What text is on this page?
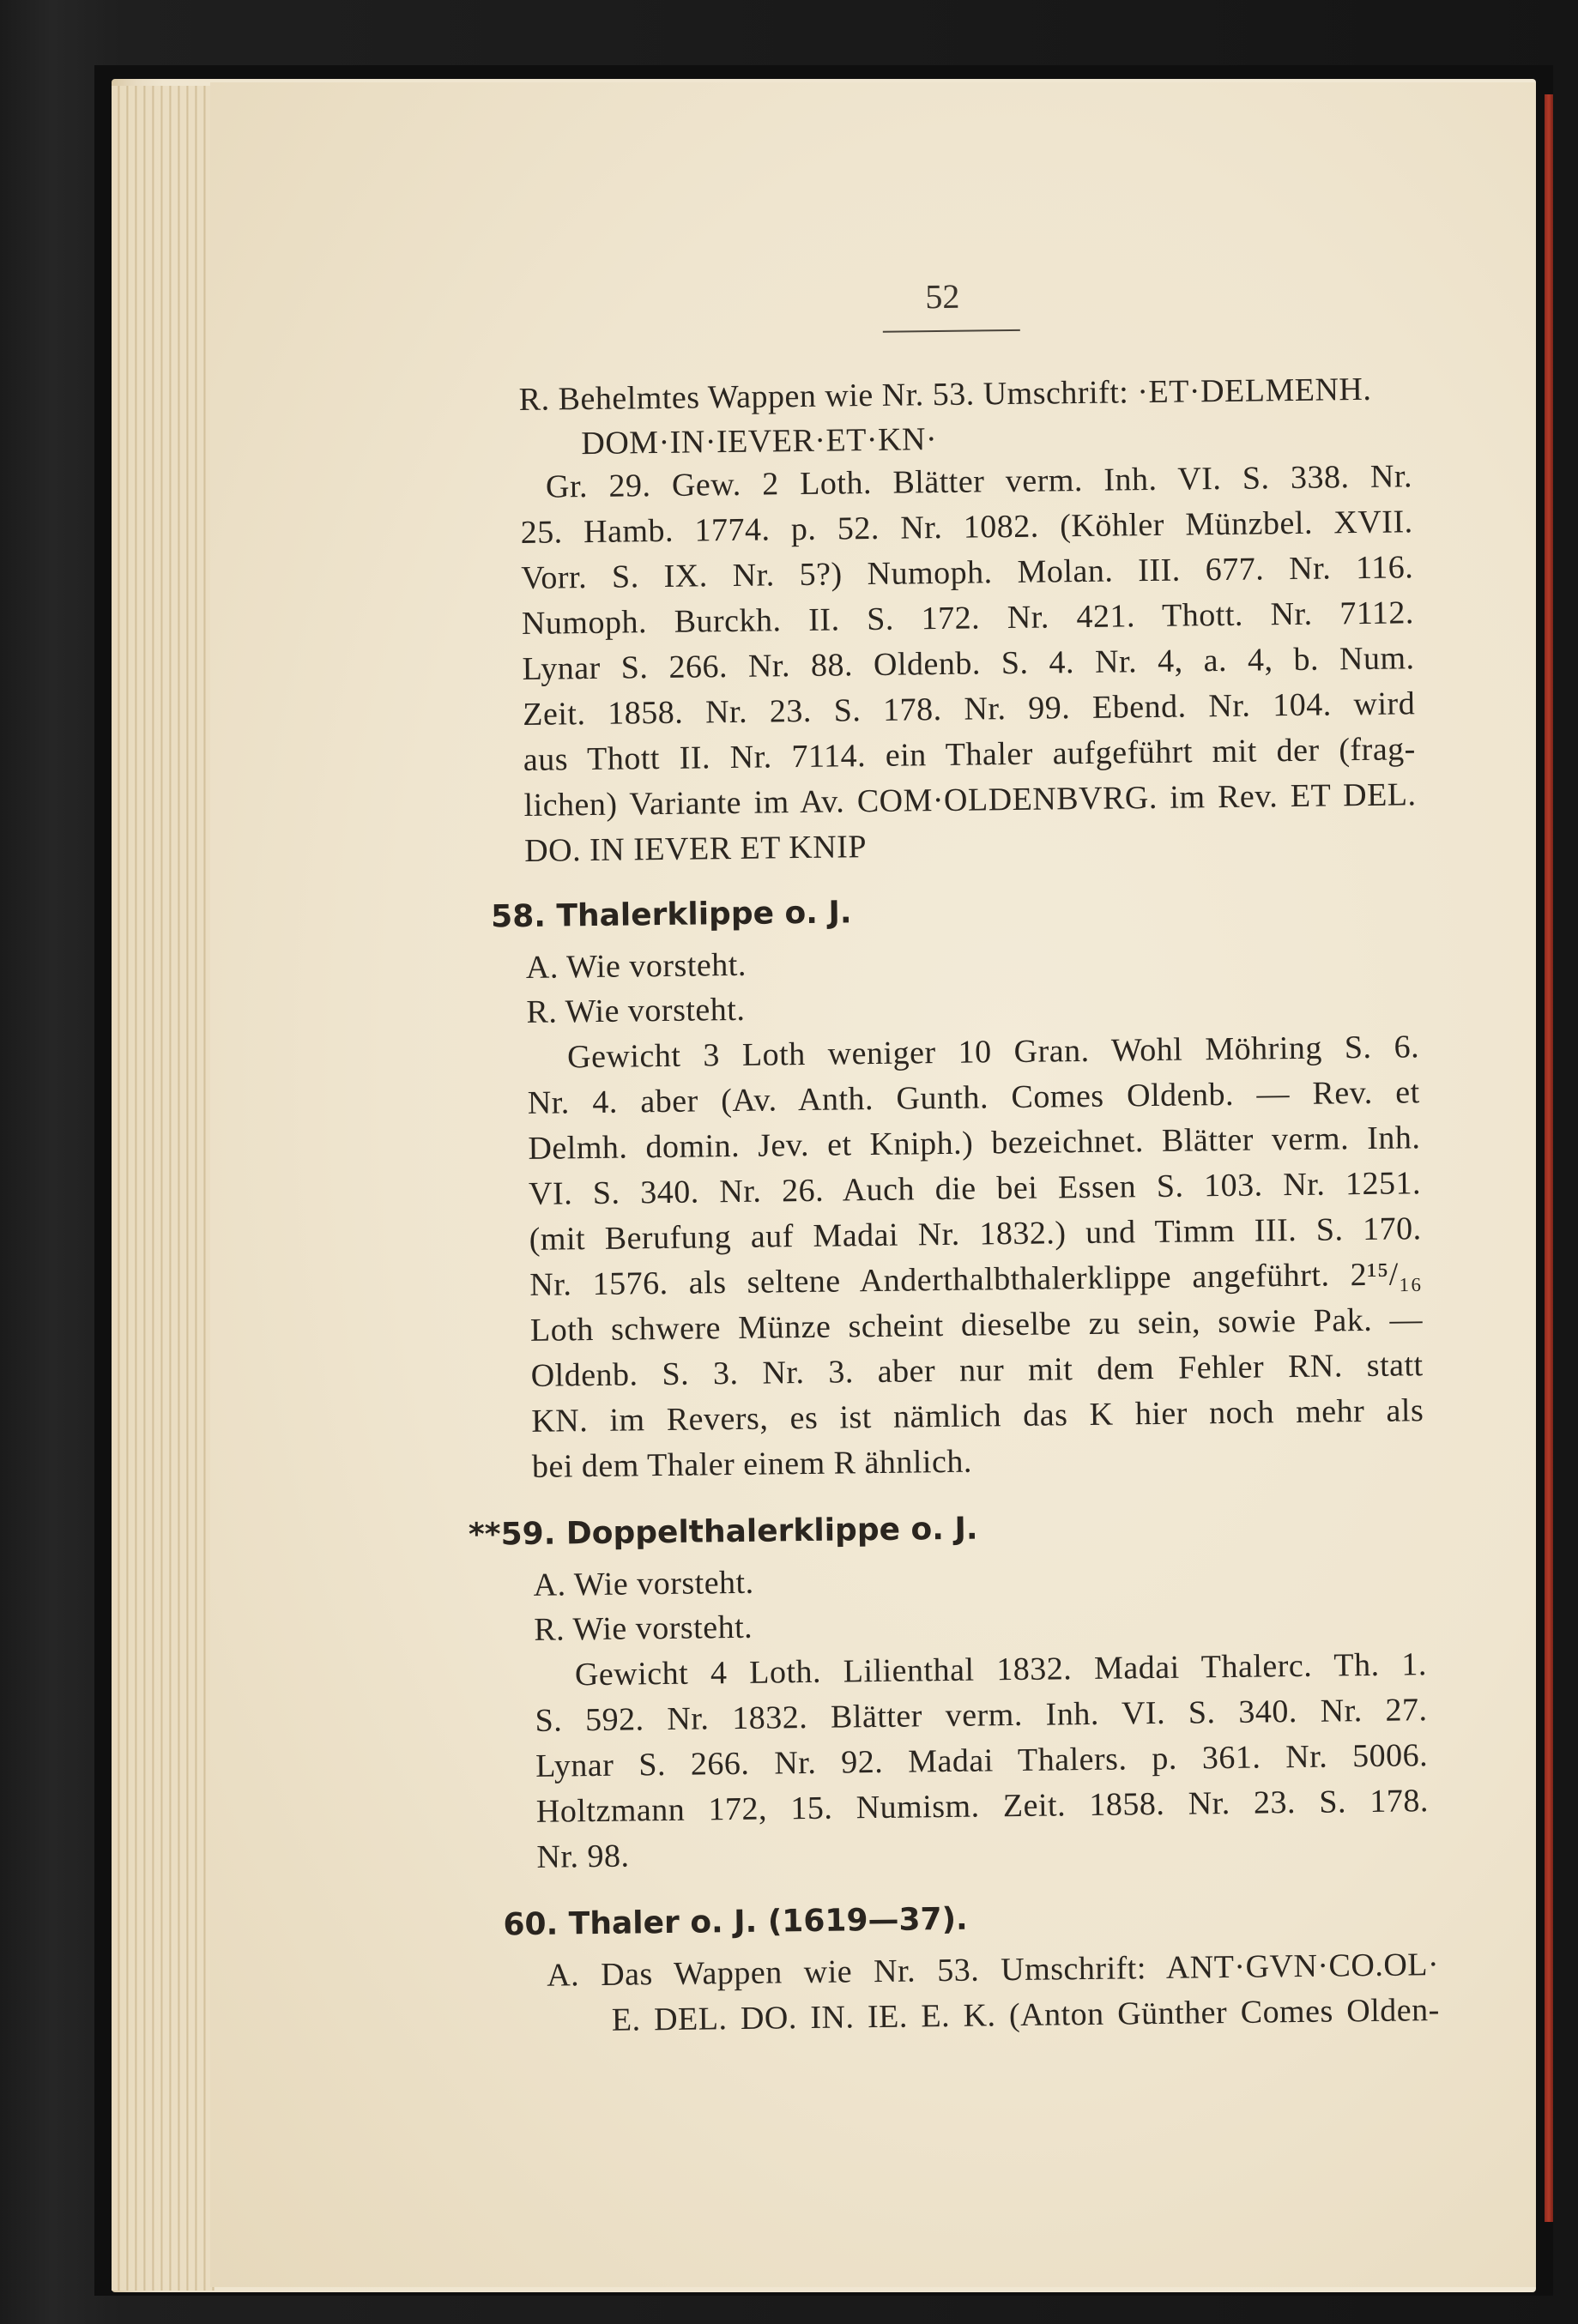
52
R. Behelmtes Wappen wie Nr. 53. Umschrift: ·ET·DELMENH.
DOM·IN·IEVER·ET·KN·
Gr. 29. Gew. 2 Loth. Blätter verm. Inh. VI. S. 338. Nr.
25. Hamb. 1774. p. 52. Nr. 1082. (Köhler Münzbel. XVII.
Vorr. S. IX. Nr. 5?) Numoph. Molan. III. 677. Nr. 116.
Numoph. Burckh. II. S. 172. Nr. 421. Thott. Nr. 7112.
Lynar S. 266. Nr. 88. Oldenb. S. 4. Nr. 4, a. 4, b. Num.
Zeit. 1858. Nr. 23. S. 178. Nr. 99. Ebend. Nr. 104. wird
aus Thott II. Nr. 7114. ein Thaler aufgeführt mit der (frag-
lichen) Variante im Av. COM·OLDENBVRG. im Rev. ET DEL.
DO. IN IEVER ET KNIP
58. Thalerklippe o. J.
A. Wie vorsteht.
R. Wie vorsteht.
Gewicht 3 Loth weniger 10 Gran. Wohl Möhring S. 6.
Nr. 4. aber (Av. Anth. Gunth. Comes Oldenb. — Rev. et
Delmh. domin. Jev. et Kniph.) bezeichnet. Blätter verm. Inh.
VI. S. 340. Nr. 26. Auch die bei Essen S. 103. Nr. 1251.
(mit Berufung auf Madai Nr. 1832.) und Timm III. S. 170.
Nr. 1576. als seltene Anderthalbthalerklippe angeführt. 2¹⁵/₁₆
Loth schwere Münze scheint dieselbe zu sein, sowie Pak. —
Oldenb. S. 3. Nr. 3. aber nur mit dem Fehler RN. statt
KN. im Revers, es ist nämlich das K hier noch mehr als
bei dem Thaler einem R ähnlich.
**59. Doppelthalerklippe o. J.
A. Wie vorsteht.
R. Wie vorsteht.
Gewicht 4 Loth. Lilienthal 1832. Madai Thalerc. Th. 1.
S. 592. Nr. 1832. Blätter verm. Inh. VI. S. 340. Nr. 27.
Lynar S. 266. Nr. 92. Madai Thalers. p. 361. Nr. 5006.
Holtzmann 172, 15. Numism. Zeit. 1858. Nr. 23. S. 178.
Nr. 98.
60. Thaler o. J. (1619—37).
A. Das Wappen wie Nr. 53. Umschrift: ANT·GVN·CO.OL·
E. DEL. DO. IN. IE. E. K. (Anton Günther Comes Olden-
